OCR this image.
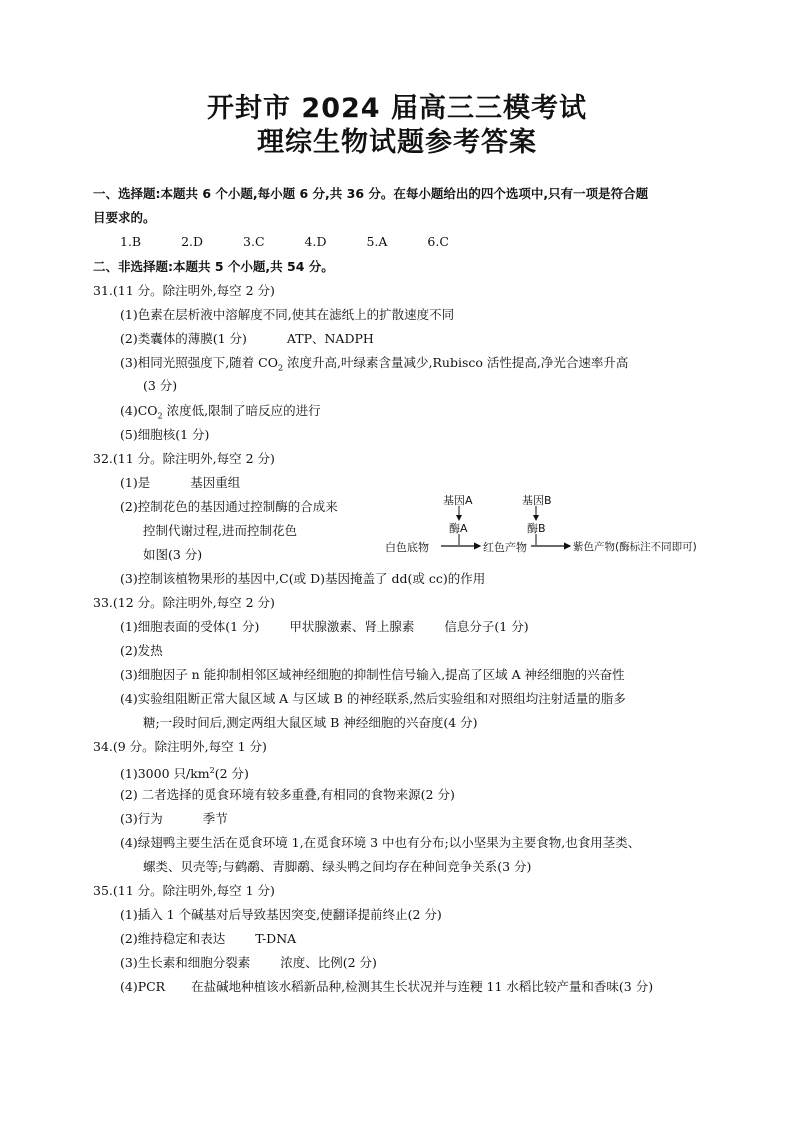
开封市 2024 届高三三模考试
理综生物试题参考答案
一、选择题:本题共 6 个小题,每小题 6 分,共 36 分。在每小题给出的四个选项中,只有一项是符合题
目要求的。
1.B	2.D	3.C	4.D	5.A	6.C
二、非选择题:本题共 5 个小题,共 54 分。
31.(11 分。除注明外,每空 2 分)
(1)色素在层析液中溶解度不同,使其在滤纸上的扩散速度不同
(2)类囊体的薄膜(1 分)	ATP、NADPH
(3)相同光照强度下,随着 $CO_2$ 浓度升高,叶绿素含量减少,Rubisco 活性提高,净光合速率升高
(3 分)
$(4)CO_2$ 浓度低,限制了暗反应的进行
(5)细胞核(1 分)
32.(11 分。除注明外,每空 2 分)
(1)是	基因重组
(2)控制花色的基因通过控制酶的合成来
控制代谢过程,进而控制花色
如图(3 分)
基因A	基因B
酶A	酶B
白色底物	红色产物	紫色产物(酶标注不同即可)
(3)控制该植物果形的基因中,C(或 D)基因掩盖了 dd(或 cc)的作用
33.(12 分。除注明外,每空 2 分)
(1)细胞表面的受体(1 分) 甲状腺激素、肾上腺素 信息分子(1 分)
(2)发热
(3)细胞因子 n 能抑制相邻区域神经细胞的抑制性信号输入,提高了区域 A 神经细胞的兴奋性
(4)实验组阻断正常大鼠区域 A 与区域 B 的神经联系,然后实验组和对照组均注射适量的脂多
糖;一段时间后,测定两组大鼠区域 B 神经细胞的兴奋度(4 分)
34.(9 分。除注明外,每空 1 分)
(1)3000 只$/km^2(2$ 分)
(2) 二者选择的觅食环境有较多重叠,有相同的食物来源(2 分)
(3)行为	季节
(4)绿翅鸭主要生活在觅食环境 1,在觅食环境 3 中也有分布;以小坚果为主要食物,也食用茎类、
螺类、贝壳等;与鹤鹬、青脚鹬、绿头鸭之间均存在种间竞争关系(3 分)
35.(11 分。除注明外,每空 1 分)
(1)插入 1 个碱基对后导致基因突变,使翻译提前终止(2 分)
(2)维持稳定和表达 T-DNA
(3)生长素和细胞分裂素 浓度、比例(2 分)
(4)PCR 在盐碱地种植该水稻新品种,检测其生长状况并与连粳 11 水稻比较产量和香味(3 分)
